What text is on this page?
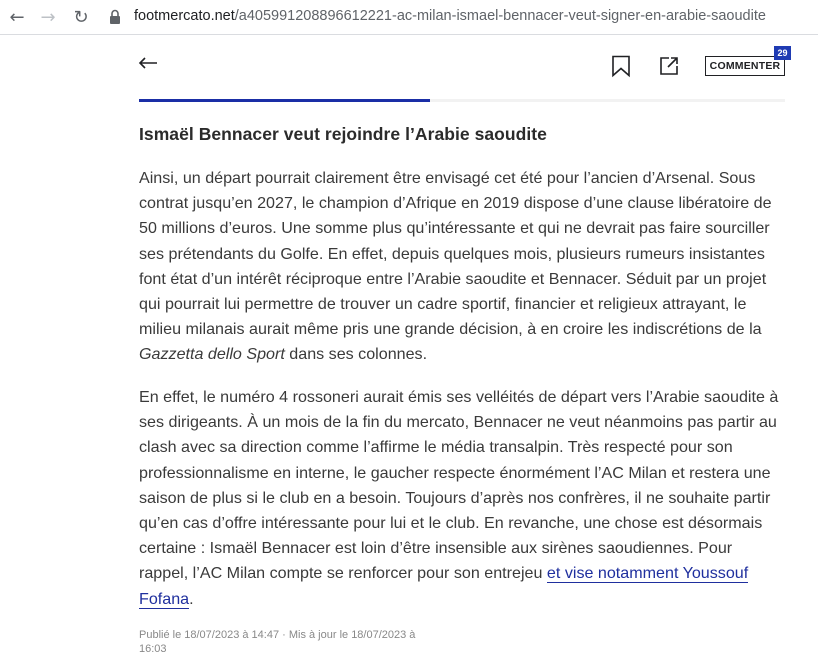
← → ↻	footmercato.net/a405991208896612221-ac-milan-ismael-bennacer-veut-signer-en-arabie-saoudite
COMMENTER
29
Ismaël Bennacer veut rejoindre l’Arabie saoudite

Ainsi, un départ pourrait clairement être envisagé cet été pour l’ancien d’Arsenal. Sous contrat jusqu’en 2027, le champion d’Afrique en 2019 dispose d’une clause libératoire de 50 millions d’euros. Une somme plus qu’intéressante et qui ne devrait pas faire sourciller ses prétendants du Golfe. En effet, depuis quelques mois, plusieurs rumeurs insistantes font état d’un intérêt réciproque entre l’Arabie saoudite et Bennacer. Séduit par un projet qui pourrait lui permettre de trouver un cadre sportif, financier et religieux attrayant, le milieu milanais aurait même pris une grande décision, à en croire les indiscrétions de la Gazzetta dello Sport dans ses colonnes.

En effet, le numéro 4 rossoneri aurait émis ses velléités de départ vers l’Arabie saoudite à ses dirigeants. À un mois de la fin du mercato, Bennacer ne veut néanmoins pas partir au clash avec sa direction comme l’affirme le média transalpin. Très respecté pour son professionnalisme en interne, le gaucher respecte énormément l’AC Milan et restera une saison de plus si le club en a besoin. Toujours d’après nos confrères, il ne souhaite partir qu’en cas d’offre intéressante pour lui et le club. En revanche, une chose est désormais certaine : Ismaël Bennacer est loin d’être insensible aux sirènes saoudiennes. Pour rappel, l’AC Milan compte se renforcer pour son entrejeu et vise notamment Youssouf Fofana.

Publié le 18/07/2023 à 14:47 · Mis à jour le 18/07/2023 à 16:03
